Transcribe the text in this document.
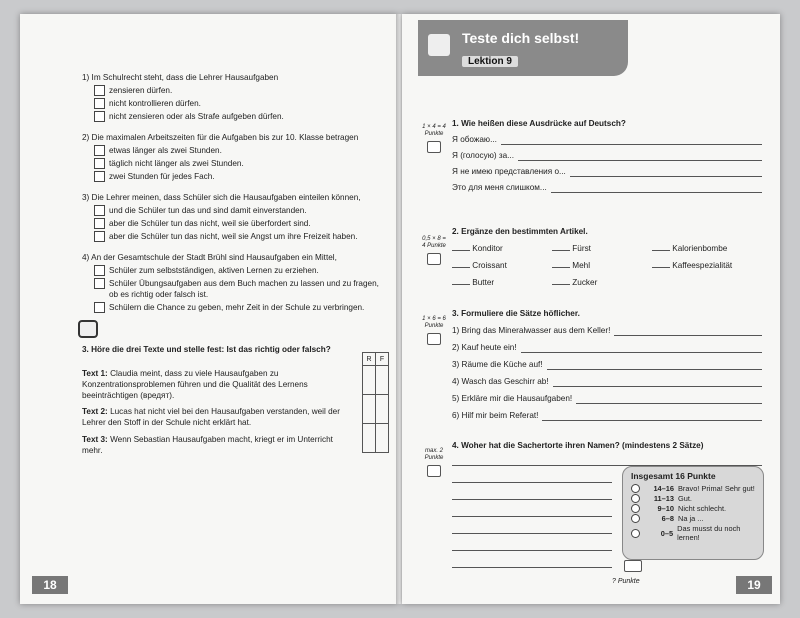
1) Im Schulrecht steht, dass die Lehrer Hausaufgaben
zensieren dürfen.
nicht kontrollieren dürfen.
nicht zensieren oder als Strafe aufgeben dürfen.
2) Die maximalen Arbeitszeiten für die Aufgaben bis zur 10. Klasse betragen
etwas länger als zwei Stunden.
täglich nicht länger als zwei Stunden.
zwei Stunden für jedes Fach.
3) Die Lehrer meinen, dass Schüler sich die Hausaufgaben einteilen können,
und die Schüler tun das und sind damit einverstanden.
aber die Schüler tun das nicht, weil sie überfordert sind.
aber die Schüler tun das nicht, weil sie Angst um ihre Freizeit haben.
4) An der Gesamtschule der Stadt Brühl sind Hausaufgaben ein Mittel,
Schüler zum selbstständigen, aktiven Lernen zu erziehen.
Schüler Übungsaufgaben aus dem Buch machen zu lassen und zu fragen, ob es richtig oder falsch ist.
Schülern die Chance zu geben, mehr Zeit in der Schule zu verbringen.
3. Höre die drei Texte und stelle fest: Ist das richtig oder falsch?
R	F

Text 1: Claudia meint, dass zu viele Hausaufgaben zu Konzentrationsproblemen führen und die Qualität des Lernens beeinträchtigen (вредят).
Text 2: Lucas hat nicht viel bei den Hausaufgaben verstanden, weil der Lehrer den Stoff in der Schule nicht erklärt hat.
Text 3: Wenn Sebastian Hausaufgaben macht, kriegt er im Unterricht mehr.
18
Teste dich selbst!
Lektion 9
1 × 4 = 4 Punkte
1. Wie heißen diese Ausdrücke auf Deutsch?
Я обожаю...
Я (голосую) за...
Я не имею представления о...
Это для меня слишком...
0,5 × 8 = 4 Punkte
2. Ergänze den bestimmten Artikel.
Konditor	Fürst	Kalorienbombe
Croissant	Mehl	Kaffeespezialität
Butter	Zucker
1 × 6 = 6 Punkte
3. Formuliere die Sätze höflicher.
1) Bring das Mineralwasser aus dem Keller!
2) Kauf heute ein!
3) Räume die Küche auf!
4) Wasch das Geschirr ab!
5) Erkläre mir die Hausaufgaben!
6) Hilf mir beim Referat!
max. 2 Punkte
4. Woher hat die Sachertorte ihren Namen? (mindestens 2 Sätze)
Insgesamt 16 Punkte
14–16 Bravo! Prima! Sehr gut!
11–13 Gut.
9–10 Nicht schlecht.
6–8 Na ja ...
0–5 Das musst du noch lernen!
? Punkte	19
